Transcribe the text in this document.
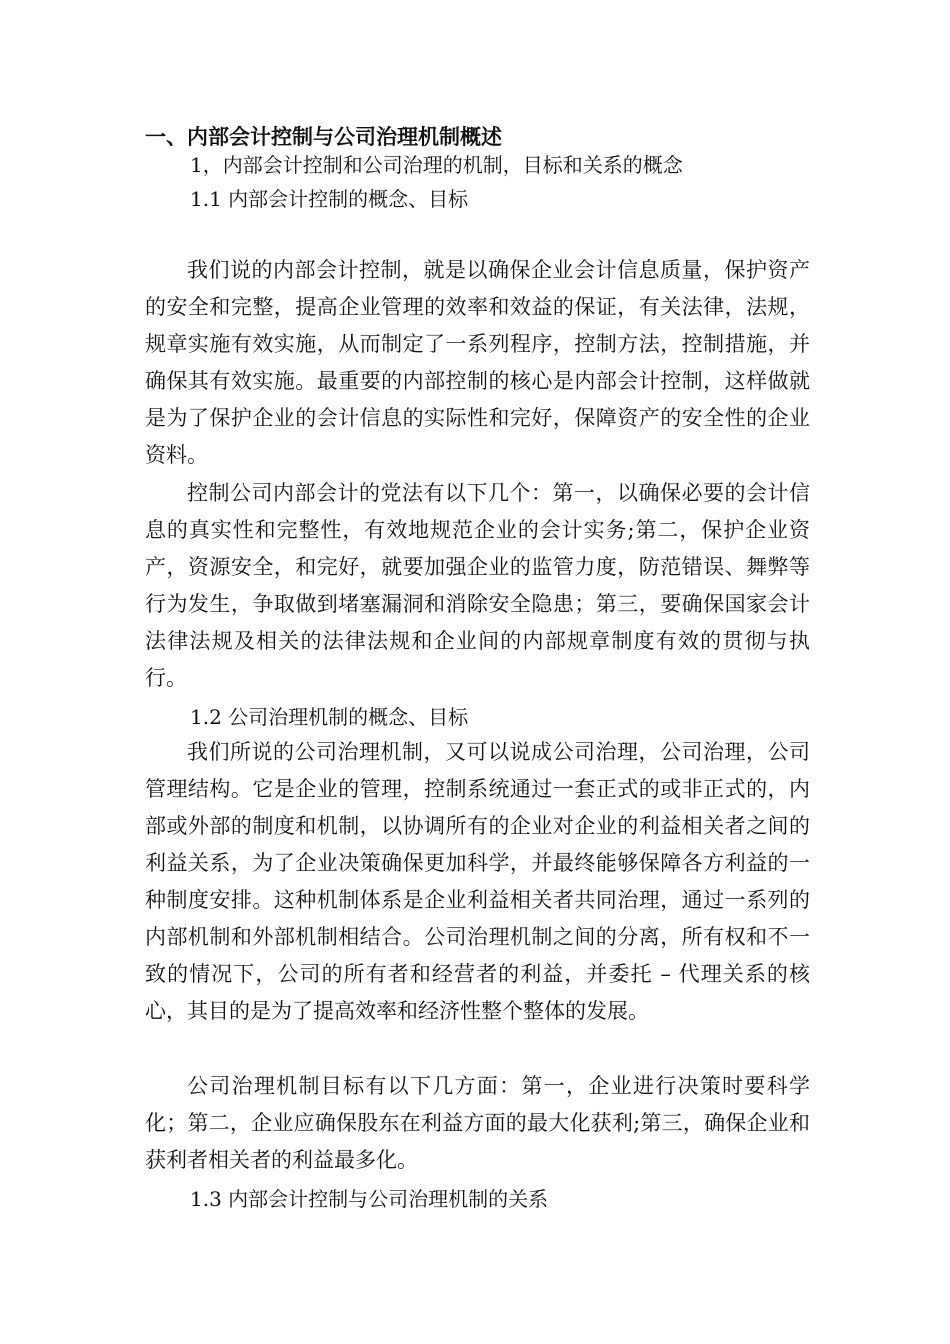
一、内部会计控制与公司治理机制概述
1，内部会计控制和公司治理的机制，目标和关系的概念
1.1 内部会计控制的概念、目标

我们说的内部会计控制，就是以确保企业会计信息质量，保护资产的安全和完整，提高企业管理的效率和效益的保证，有关法律，法规，规章实施有效实施，从而制定了一系列程序，控制方法，控制措施，并确保其有效实施。最重要的内部控制的核心是内部会计控制，这样做就是为了保护企业的会计信息的实际性和完好，保障资产的安全性的企业资料。

控制公司内部会计的党法有以下几个：第一，以确保必要的会计信息的真实性和完整性，有效地规范企业的会计实务;第二，保护企业资产，资源安全，和完好，就要加强企业的监管力度，防范错误、舞弊等行为发生，争取做到堵塞漏洞和消除安全隐患；第三，要确保国家会计法律法规及相关的法律法规和企业间的内部规章制度有效的贯彻与执行。

1.2 公司治理机制的概念、目标

我们所说的公司治理机制，又可以说成公司治理，公司治理，公司管理结构。它是企业的管理，控制系统通过一套正式的或非正式的，内部或外部的制度和机制，以协调所有的企业对企业的利益相关者之间的利益关系，为了企业决策确保更加科学，并最终能够保障各方利益的一种制度安排。这种机制体系是企业利益相关者共同治理，通过一系列的内部机制和外部机制相结合。公司治理机制之间的分离，所有权和不一致的情况下，公司的所有者和经营者的利益，并委托 – 代理关系的核心，其目的是为了提高效率和经济性整个整体的发展。

公司治理机制目标有以下几方面：第一，企业进行决策时要科学化；第二，企业应确保股东在利益方面的最大化获利;第三，确保企业和获利者相关者的利益最多化。

1.3 内部会计控制与公司治理机制的关系
